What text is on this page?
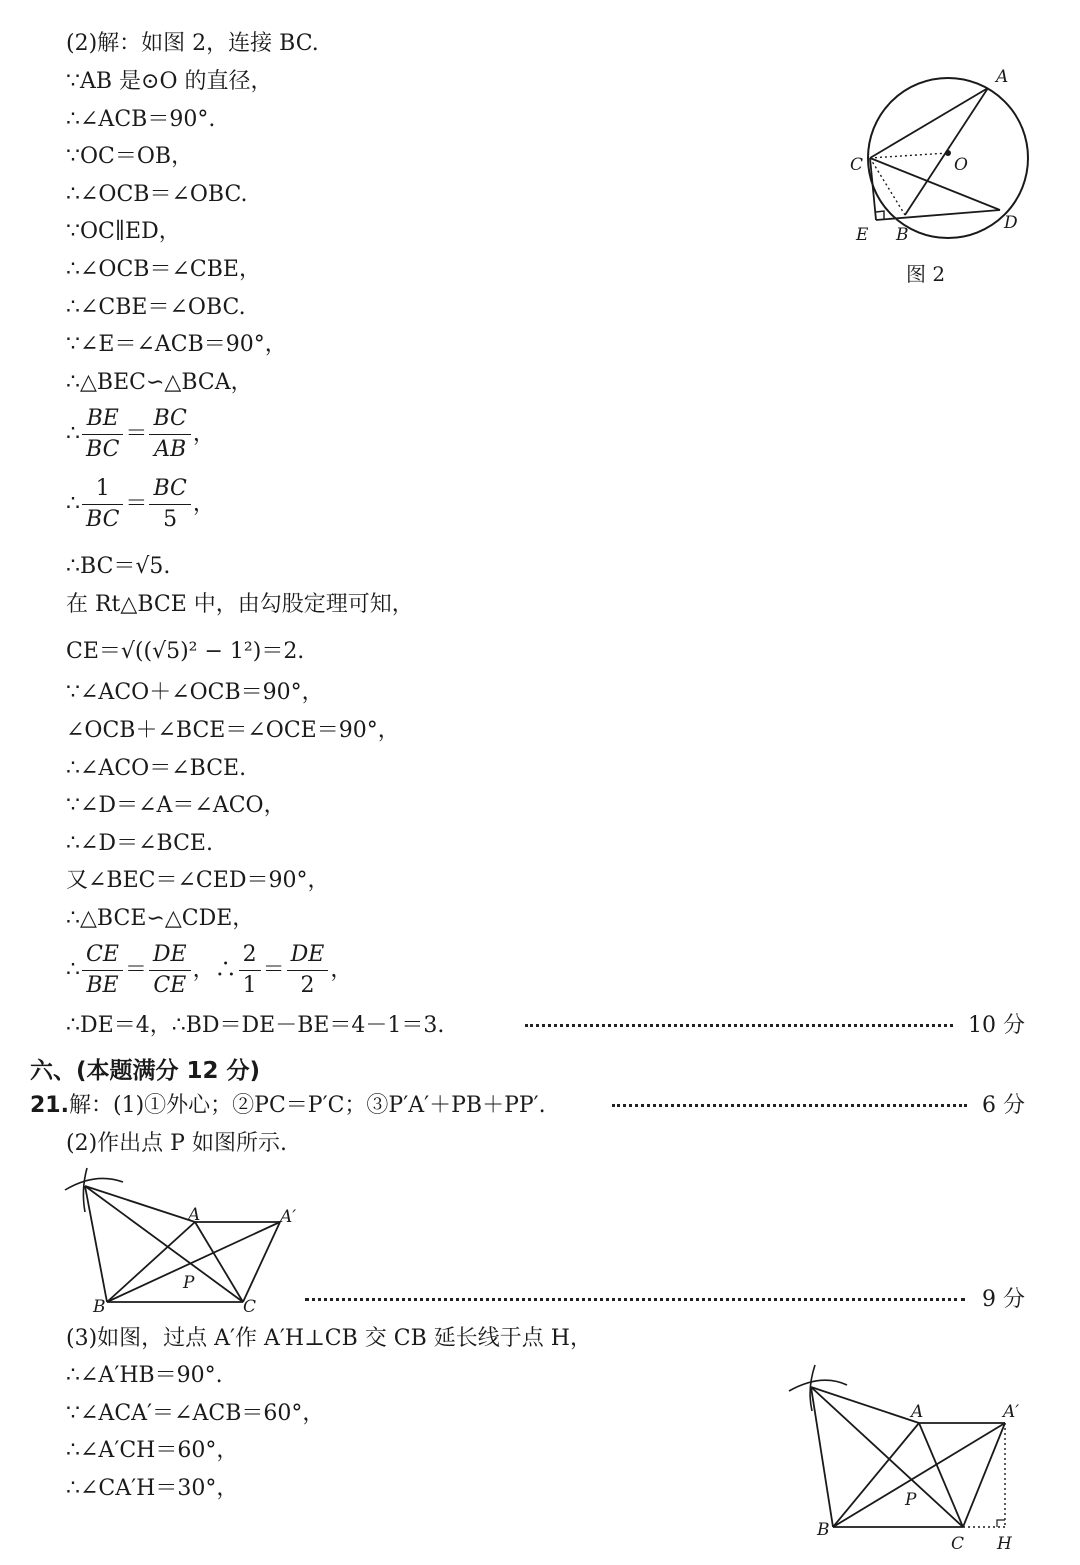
(2)解：如图 2，连接 BC.
∵AB 是⊙O 的直径，
∴∠ACB＝90°.
∵OC＝OB，
∴∠OCB＝∠OBC.
∵OC∥ED，
∴∠OCB＝∠CBE，
∴∠CBE＝∠OBC.
∵∠E＝∠ACB＝90°，
∴△BEC∽△BCA，
∴ $\frac{BE}{BC} = \frac{BC}{AB}$ ，
∴ $\frac{1}{BC} = \frac{BC}{5}$ ，
∴BC＝√5.
在 Rt△BCE 中，由勾股定理可知，
CE＝√((√5)² − 1²)＝2.
∵∠ACO＋∠OCB＝90°，
∠OCB＋∠BCE＝∠OCE＝90°，
∴∠ACO＝∠BCE.
∵∠D＝∠A＝∠ACO，
∴∠D＝∠BCE.
又∠BEC＝∠CED＝90°，
∴△BCE∽△CDE，
∴ $\frac{CE}{BE} = \frac{DE}{CE}$ ，∴ $\frac{2}{1} = \frac{DE}{2}$ ，
∴DE＝4，∴BD＝DE－BE＝4－1＝3.	10 分
A
O
C
E B
D
图 2
六、(本题满分 12 分)
21.解：(1)①外心；②PC＝P′C；③P′A′＋PB＋PP′.	6 分
(2)作出点 P 如图所示.
A	A′
P
B	C	9 分
(3)如图，过点 A′作 A′H⊥CB 交 CB 延长线于点 H，
∴∠A′HB＝90°.
∵∠ACA′＝∠ACB＝60°，
∴∠A′CH＝60°，
∴∠CA′H＝30°，
A	A′
P
B
C H
